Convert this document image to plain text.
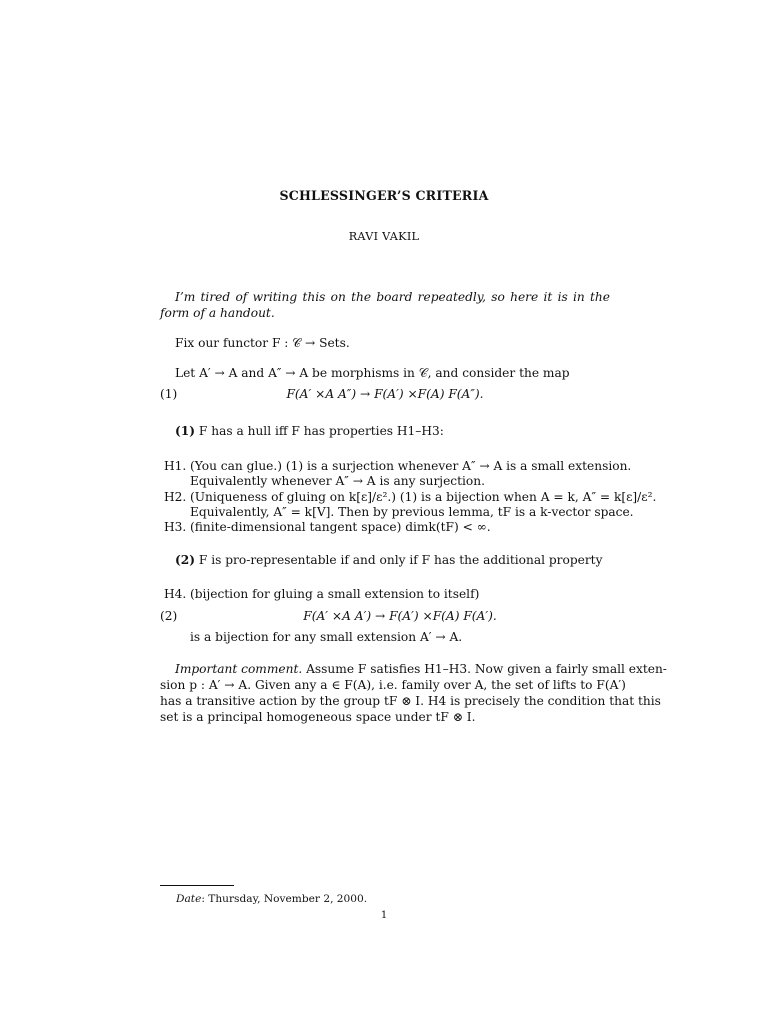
SCHLESSINGER’S CRITERIA
RAVI VAKIL
I’m tired of writing this on the board repeatedly, so here it is in the form of a handout.
Fix our functor F : 𝒞 → Sets.
Let A′ → A and A″ → A be morphisms in 𝒞, and consider the map
(1)	F(A′ ×A A″) → F(A′) ×F(A) F(A″).
(1) F has a hull iff F has properties H1–H3:
H1. (You can glue.) (1) is a surjection whenever A″ → A is a small extension.
Equivalently whenever A″ → A is any surjection.
H2. (Uniqueness of gluing on k[ε]/ε².) (1) is a bijection when A = k, A″ = k[ε]/ε².
Equivalently, A″ = k[V]. Then by previous lemma, tF is a k-vector space.
H3. (finite-dimensional tangent space) dimk(tF) < ∞.
(2) F is pro-representable if and only if F has the additional property
H4. (bijection for gluing a small extension to itself)
(2)	F(A′ ×A A′) → F(A′) ×F(A) F(A′).
is a bijection for any small extension A′ → A.
Important comment. Assume F satisfies H1–H3. Now given a fairly small exten-
sion p : A′ → A. Given any a ∈ F(A), i.e. family over A, the set of lifts to F(A′)
has a transitive action by the group tF ⊗ I. H4 is precisely the condition that this
set is a principal homogeneous space under tF ⊗ I.
Date: Thursday, November 2, 2000.
1
